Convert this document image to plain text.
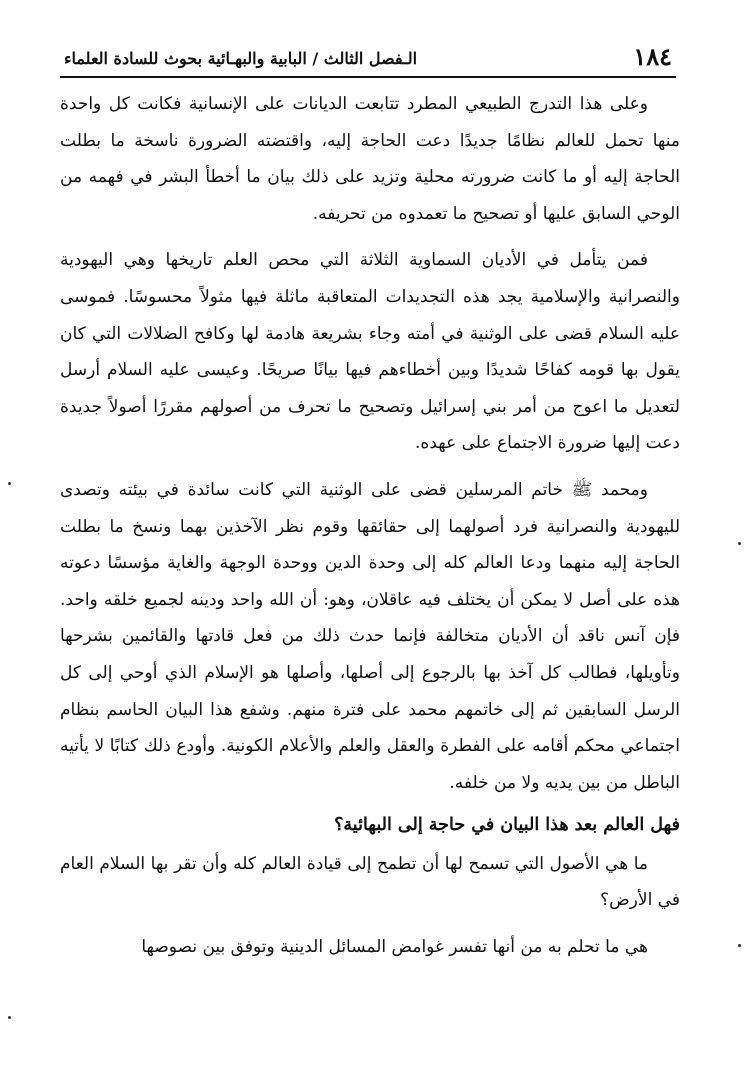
١٨٤
الـفصل الثالث / البابية والبهـائية بحوث للسادة العلماء

وعلى هذا التدرج الطبيعي المطرد تتابعت الديانات على الإنسانية فكانت كل واحدة منها تحمل للعالم نظامًا جديدًا دعت الحاجة إليه، واقتضته الضرورة ناسخة ما بطلت الحاجة إليه أو ما كانت ضرورته محلية وتزيد على ذلك بيان ما أخطأ البشر في فهمه من الوحي السابق عليها أو تصحيح ما تعمدوه من تحريفه.

فمن يتأمل في الأديان السماوية الثلاثة التي محص العلم تاريخها وهي اليهودية والنصرانية والإسلامية يجد هذه التجديدات المتعاقبة ماثلة فيها مثولاً محسوسًا. فموسى عليه السلام قضى على الوثنية في أمته وجاء بشريعة هادمة لها وكافح الضلالات التي كان يقول بها قومه كفاحًا شديدًا وبين أخطاءهم فيها بيانًا صريحًا. وعيسى عليه السلام أرسل لتعديل ما اعوج من أمر بني إسرائيل وتصحيح ما تحرف من أصولهم مقررًا أصولاً جديدة دعت إليها ضرورة الاجتماع على عهده.

ومحمد ﷺ خاتم المرسلين قضى على الوثنية التي كانت سائدة في بيئته وتصدى لليهودية والنصرانية فرد أصولهما إلى حقائقها وقوم نظر الآخذين بهما ونسخ ما بطلت الحاجة إليه منهما ودعا العالم كله إلى وحدة الدين ووحدة الوجهة والغاية مؤسسًا دعوته هذه على أصل لا يمكن أن يختلف فيه عاقلان، وهو: أن الله واحد ودينه لجميع خلقه واحد. فإن آنس ناقد أن الأديان متخالفة فإنما حدث ذلك من فعل قادتها والقائمين بشرحها وتأويلها، فطالب كل آخذ بها بالرجوع إلى أصلها، وأصلها هو الإسلام الذي أوحي إلى كل الرسل السابقين ثم إلى خاتمهم محمد على فترة منهم. وشفع هذا البيان الحاسم بنظام اجتماعي محكم أقامه على الفطرة والعقل والعلم والأعلام الكونية. وأودع ذلك كتابًا لا يأتيه الباطل من بين يديه ولا من خلفه.

فهل العالم بعد هذا البيان في حاجة إلى البهائية؟

ما هي الأصول التي تسمح لها أن تطمح إلى قيادة العالم كله وأن تقر بها السلام العام في الأرض؟

هي ما تحلم به من أنها تفسر غوامض المسائل الدينية وتوفق بين نصوصها
